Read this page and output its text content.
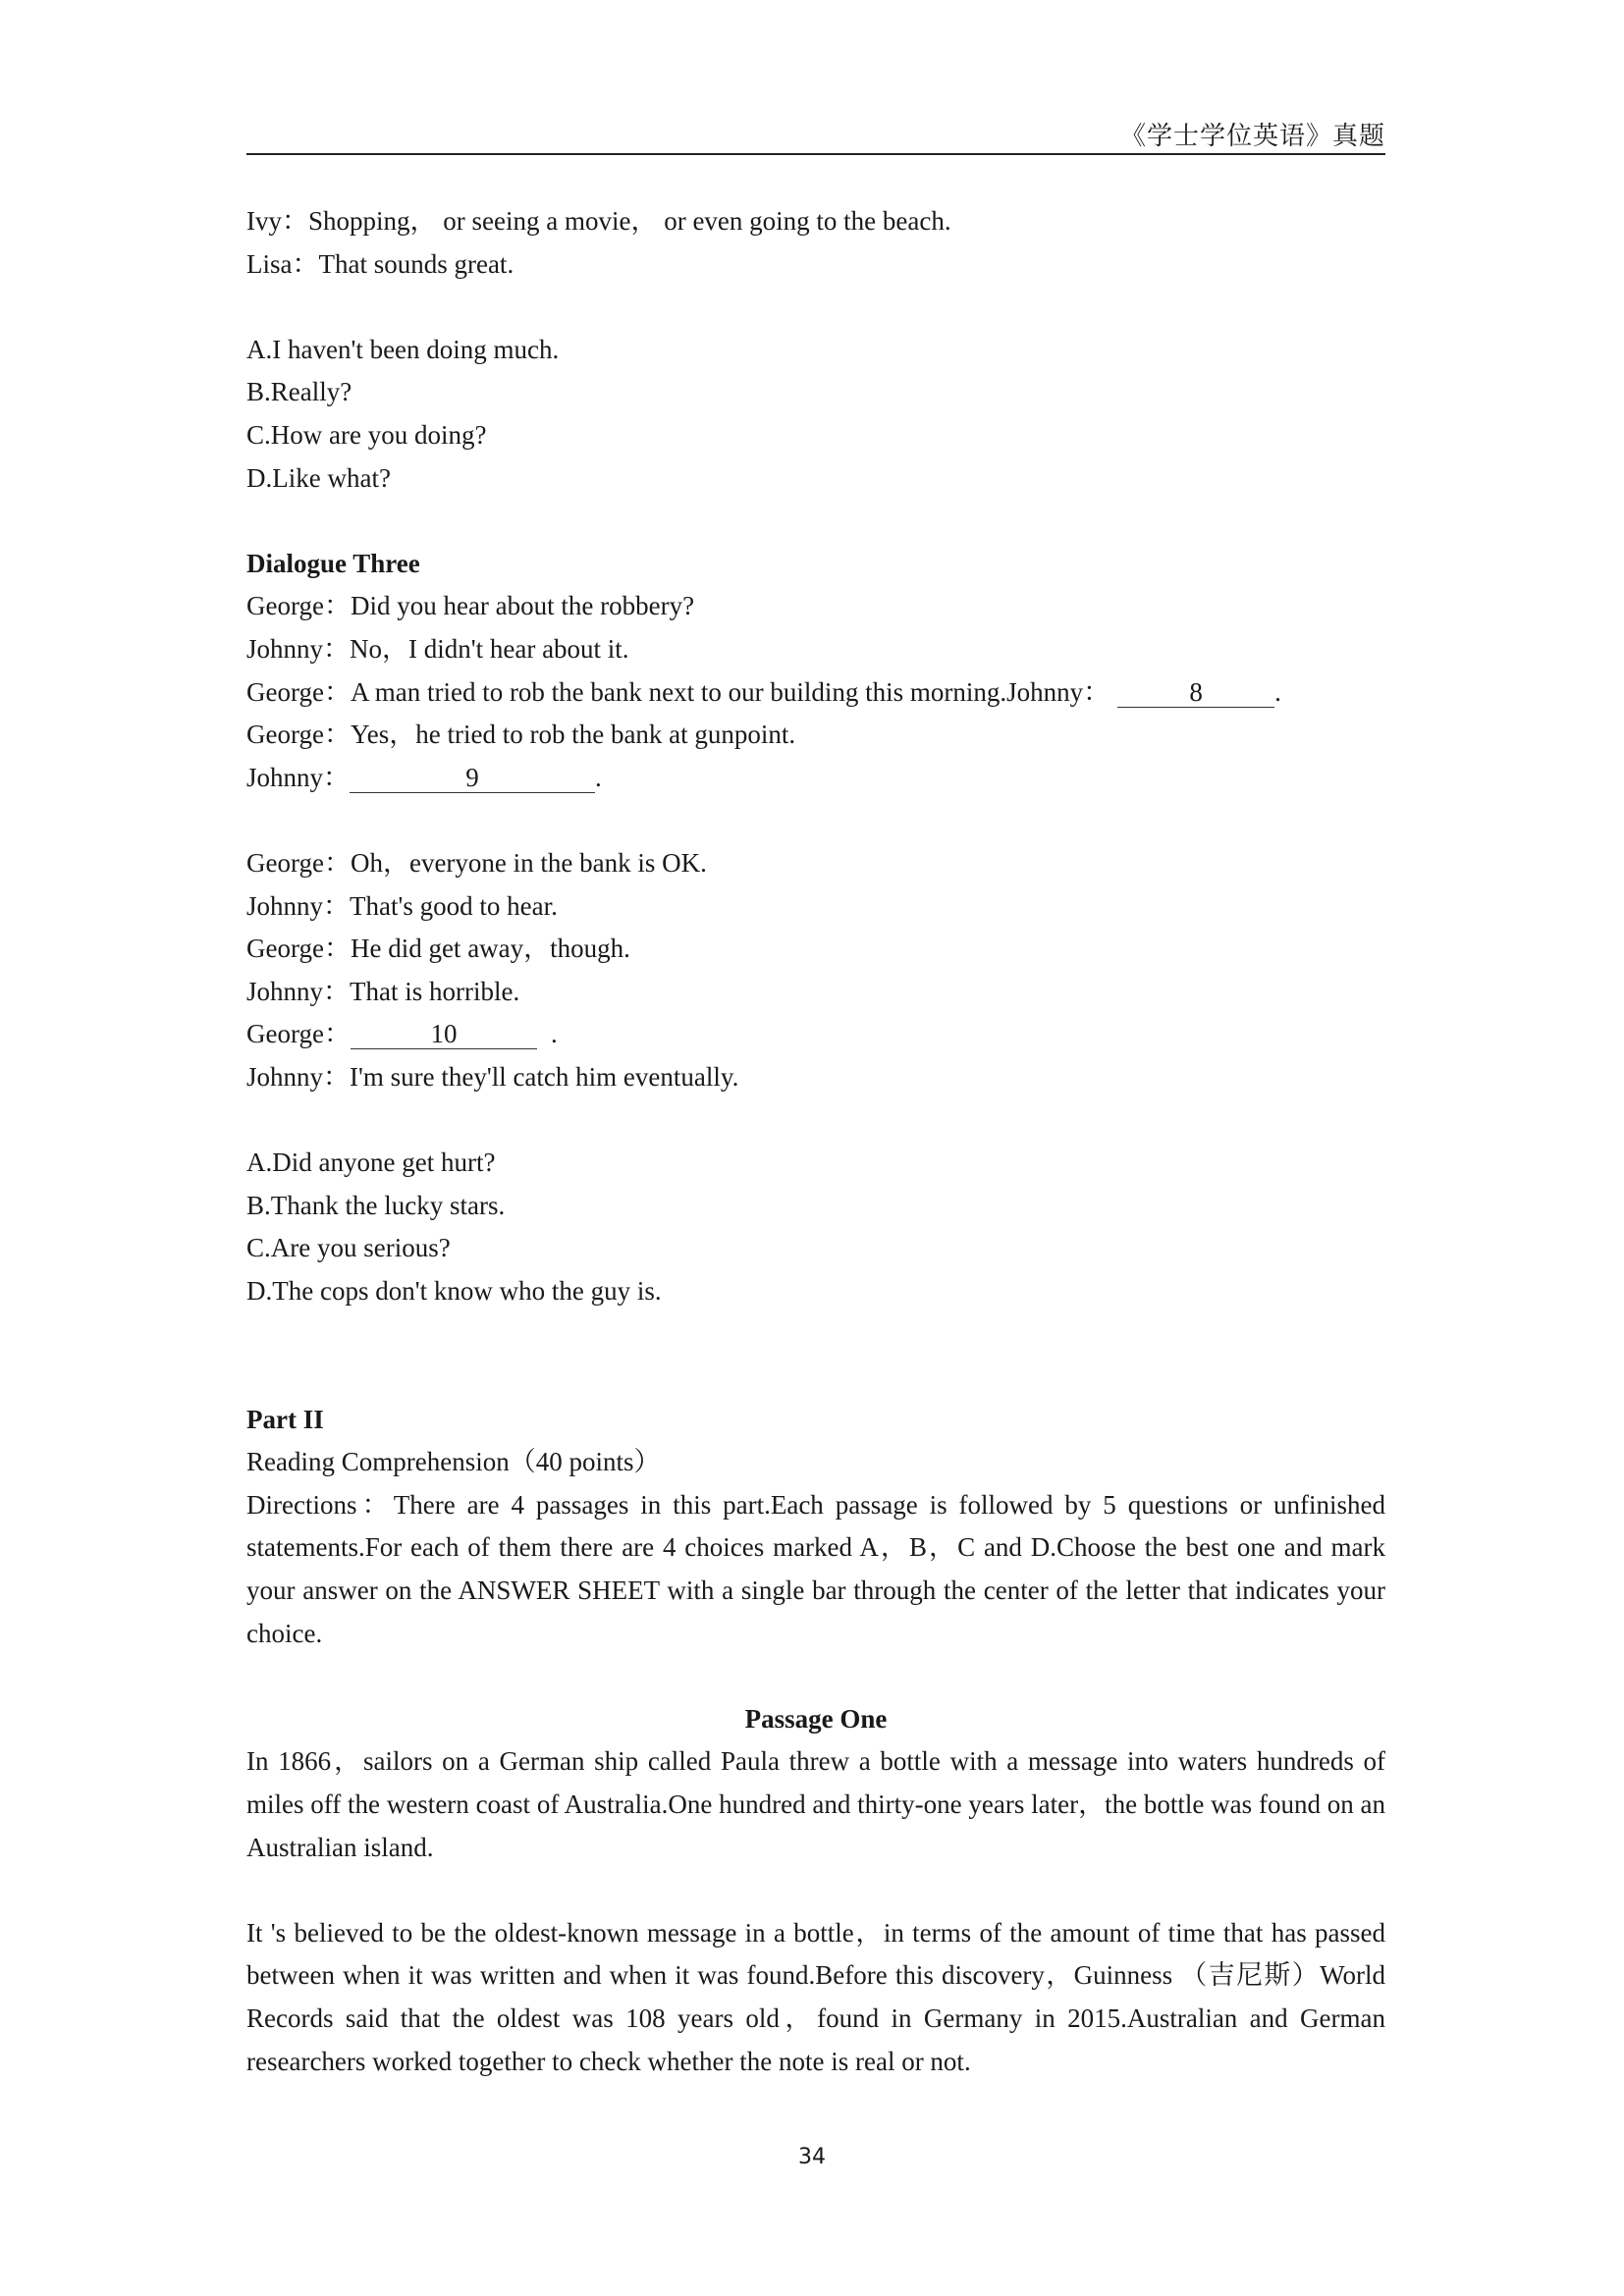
《学士学位英语》真题
Ivy：Shopping， or seeing a movie， or even going to the beach.
Lisa：That sounds great.
A.I haven't been doing much.
B.Really?
C.How are you doing?
D.Like what?
Dialogue Three
George：Did you hear about the robbery?
Johnny：No，I didn't hear about it.
George：A man tried to rob the bank next to our building this morning.Johnny：	8	.
George：Yes，he tried to rob the bank at gunpoint.
Johnny：	9	.
George：Oh，everyone in the bank is OK.
Johnny：That's good to hear.
George：He did get away，though.
Johnny：That is horrible.
George：	10	.
Johnny：I'm sure they'll catch him eventually.
A.Did anyone get hurt?
B.Thank the lucky stars.
C.Are you serious?
D.The cops don't know who the guy is.
Part II
Reading Comprehension（40 points）
Directions：There are 4 passages in this part.Each passage is followed by 5 questions or unfinished statements.For each of them there are 4 choices marked A，B，C and D.Choose the best one and mark your answer on the ANSWER SHEET with a single bar through the center of the letter that indicates your choice.
Passage One
In 1866，sailors on a German ship called Paula threw a bottle with a message into waters hundreds of miles off the western coast of Australia.One hundred and thirty-one years later，the bottle was found on an Australian island.
It 's believed to be the oldest-known message in a bottle，in terms of the amount of time that has passed between when it was written and when it was found.Before this discovery，Guinness （吉尼斯）World Records said that the oldest was 108 years old，found in Germany in 2015.Australian and German researchers worked together to check whether the note is real or not.
34
